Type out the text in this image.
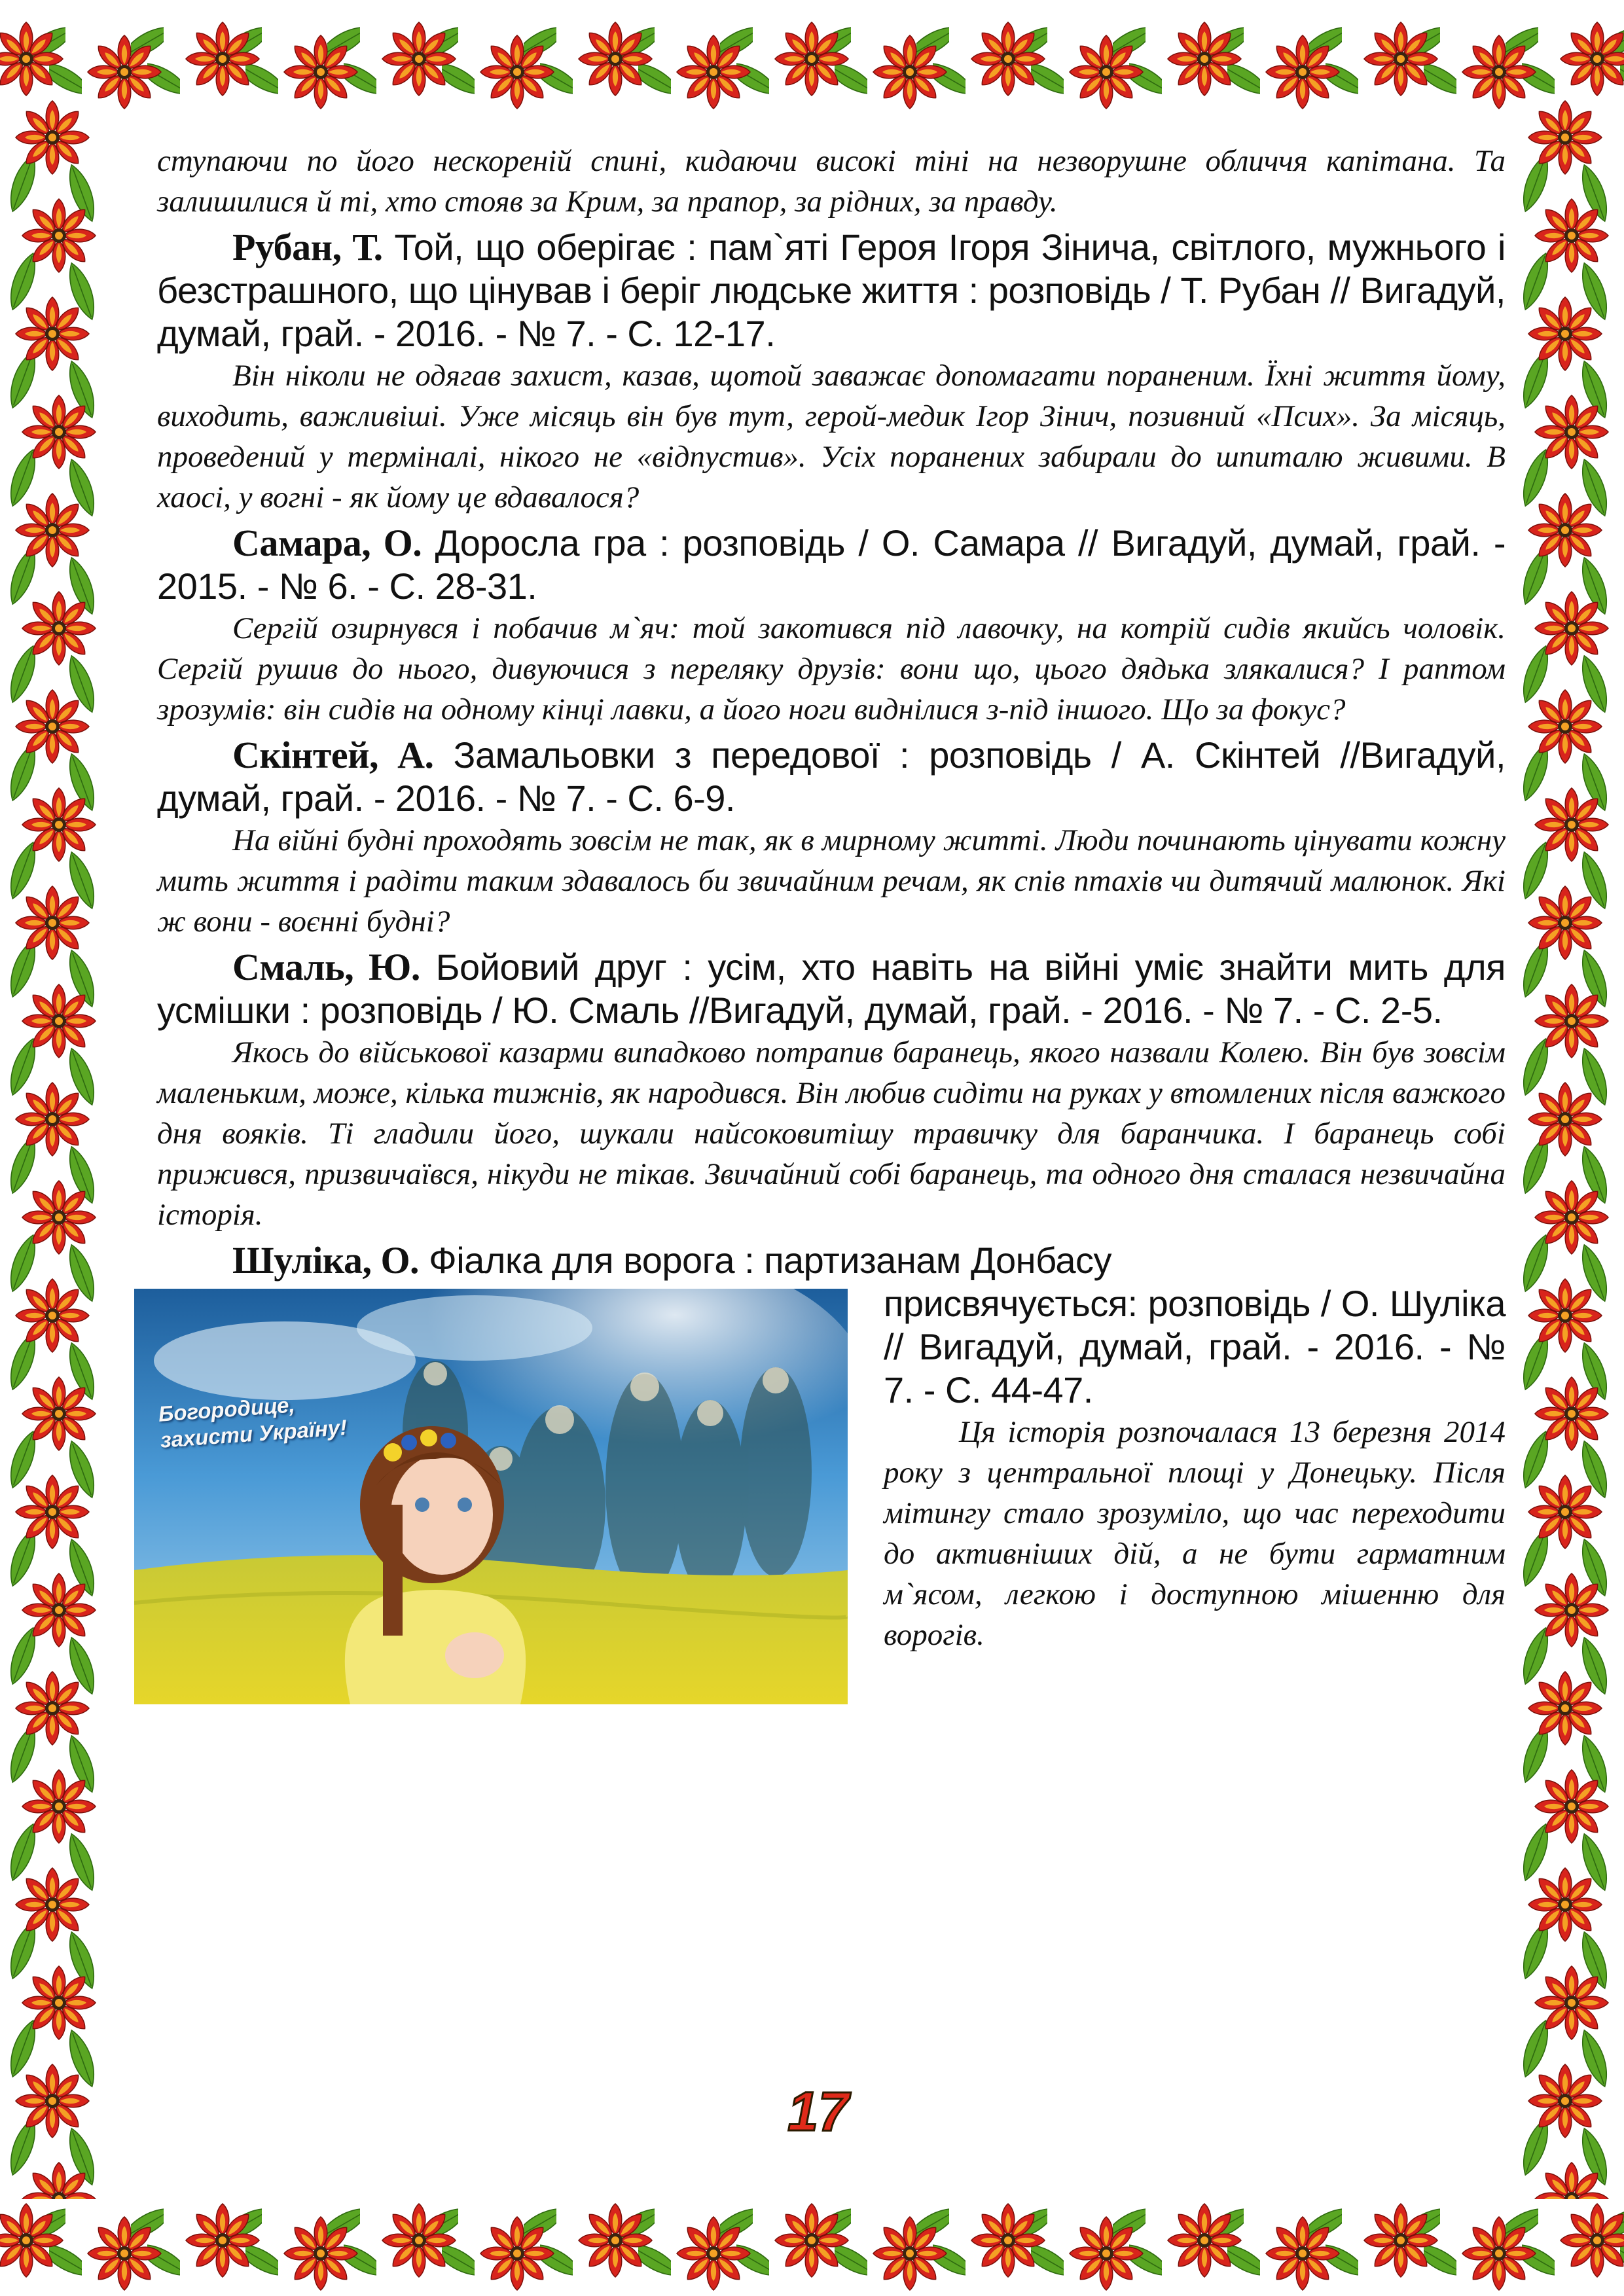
ступаючи по його нескореній спині, кидаючи високі тіні на незворушне обличчя капітана. Та залишилися й ті, хто стояв за Крим, за прапор, за рідних, за правду.

Рубан, Т. Той, що оберігає : пам`яті Героя Ігоря Зінича, світлого, мужнього і безстрашного, що цінував і беріг людське життя : розповідь / Т. Рубан // Вигадуй, думай, грай. - 2016. - № 7. - С. 12-17.

Він ніколи не одягав захист, казав, щотой заважає допомагати пораненим. Їхні життя йому, виходить, важливіші. Уже місяць він був тут, герой-медик Ігор Зінич, позивний «Псих». За місяць, проведений у терміналі, нікого не «відпустив». Усіх поранених забирали до шпиталю живими. В хаосі, у вогні - як йому це вдавалося?

Самара, О. Доросла гра : розповідь / О. Самара // Вигадуй, думай, грай. - 2015. - № 6. - С. 28-31.

Сергій озирнувся і побачив м`яч: той закотився під лавочку, на котрій сидів якийсь чоловік. Сергій рушив до нього, дивуючися з переляку друзів: вони що, цього дядька злякалися? І раптом зрозумів: він сидів на одному кінці лавки, а його ноги виднілися з-під іншого. Що за фокус?

Скінтей, А. Замальовки з передової : розповідь / А. Скінтей //Вигадуй, думай, грай. - 2016. - № 7. - С. 6-9.

На війні будні проходять зовсім не так, як в мирному житті. Люди починають цінувати кожну мить життя і радіти таким здавалось би звичайним речам, як спів птахів чи дитячий малюнок. Які ж вони - воєнні будні?

Смаль, Ю. Бойовий друг : усім, хто навіть на війні уміє знайти мить для усмішки : розповідь / Ю. Смаль //Вигадуй, думай, грай. - 2016. - № 7. - С. 2-5.

Якось до військової казарми випадково потрапив баранець, якого назвали Колею. Він був зовсім маленьким, може, кілька тижнів, як народився. Він любив сидіти на руках у втомлених після важкого дня вояків. Ті гладили його, шукали найсоковитішу травичку для баранчика. І баранець собі прижився, призвичаївся, нікуди не тікав. Звичайний собі баранець, та одного дня сталася незвичайна історія.

Шуліка, О. Фіалка для ворога : партизанам Донбасу

Богородице, захисти Україну!

присвячується: розповідь / О. Шуліка // Вигадуй, думай, грай. - 2016. - № 7. - С. 44-47.

Ця історія розпочалася 13 березня 2014 року з центральної площі у Донецьку. Після мітингу стало зрозуміло, що час переходити до активніших дій, а не бути гарматним м`ясом, легкою і доступною мішенню для ворогів.

17
